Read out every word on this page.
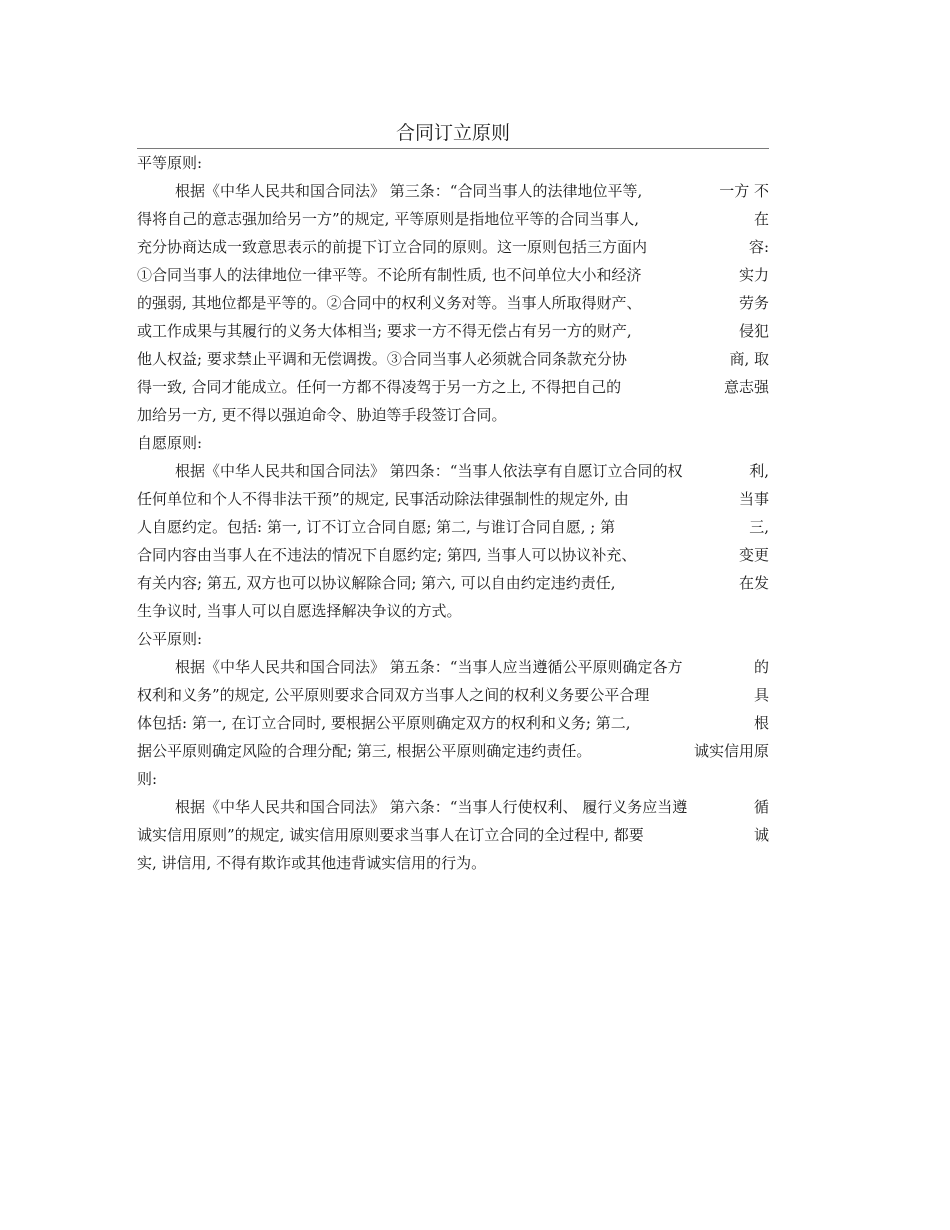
合同订立原则
平等原则:
根据《中华人民共和国合同法》 第三条：“合同当事人的法律地位平等,	一方 不
得将自己的意志强加给另一方”的规定, 平等原则是指地位平等的合同当事人,	在
充分协商达成一致意思表示的前提下订立合同的原则。这一原则包括三方面内	容:
①合同当事人的法律地位一律平等。不论所有制性质, 也不问单位大小和经济	实力
的强弱, 其地位都是平等的。②合同中的权利义务对等。当事人所取得财产、	劳务
或工作成果与其履行的义务大体相当; 要求一方不得无偿占有另一方的财产,	侵犯
他人权益; 要求禁止平调和无偿调拨。③合同当事人必须就合同条款充分协	商, 取
得一致, 合同才能成立。任何一方都不得凌驾于另一方之上, 不得把自己的	意志强
加给另一方, 更不得以强迫命令、胁迫等手段签订合同。
自愿原则:
根据《中华人民共和国合同法》 第四条：“当事人依法享有自愿订立合同的权	利,
任何单位和个人不得非法干预”的规定, 民事活动除法律强制性的规定外, 由	当事
人自愿约定。包括: 第一, 订不订立合同自愿; 第二, 与谁订合同自愿, ; 第	三,
合同内容由当事人在不违法的情况下自愿约定; 第四, 当事人可以协议补充、	变更
有关内容; 第五, 双方也可以协议解除合同; 第六, 可以自由约定违约责任,	在发
生争议时, 当事人可以自愿选择解决争议的方式。
公平原则:
根据《中华人民共和国合同法》 第五条：“当事人应当遵循公平原则确定各方	的
权利和义务”的规定, 公平原则要求合同双方当事人之间的权利义务要公平合理	具
体包括: 第一, 在订立合同时, 要根据公平原则确定双方的权利和义务; 第二,	根
据公平原则确定风险的合理分配; 第三, 根据公平原则确定违约责任。	诚实信用原
则:
根据《中华人民共和国合同法》 第六条：“当事人行使权利、 履行义务应当遵	循
诚实信用原则”的规定, 诚实信用原则要求当事人在订立合同的全过程中, 都要	诚
实, 讲信用, 不得有欺诈或其他违背诚实信用的行为。
